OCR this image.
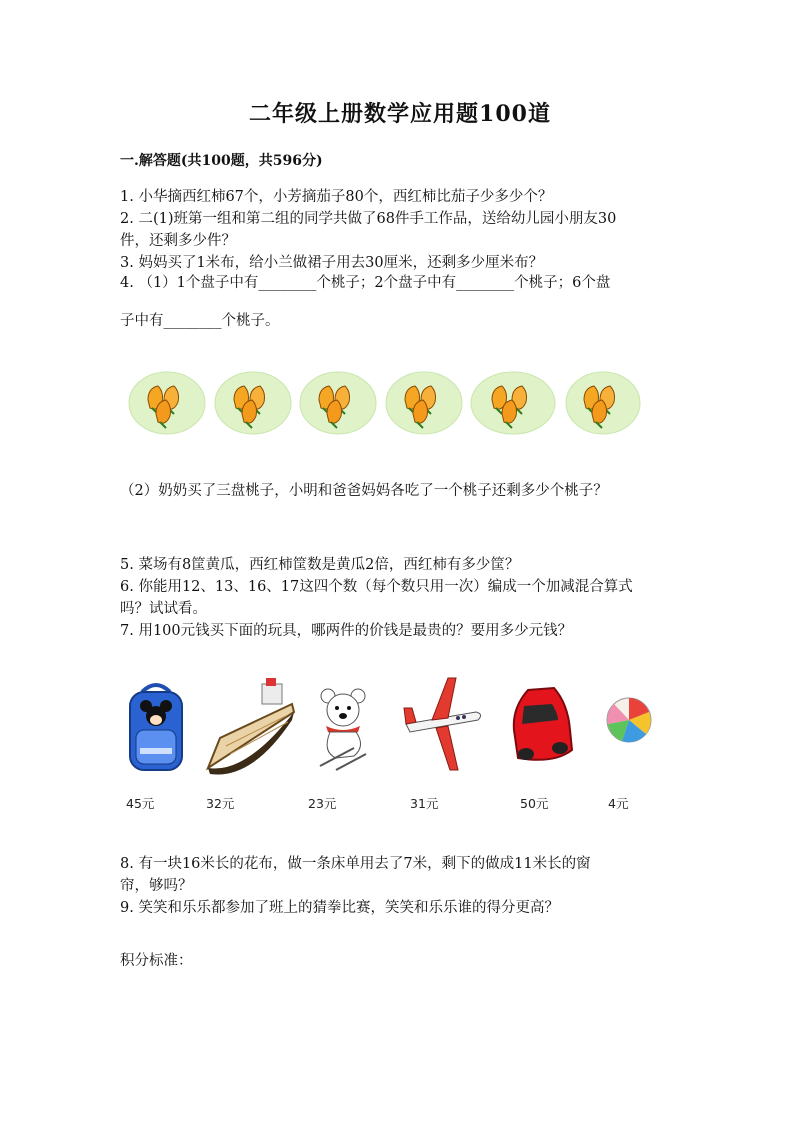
二年级上册数学应用题100道
一.解答题(共100题，共596分)
1. 小华摘西红柿67个，小芳摘茄子80个，西红柿比茄子少多少个？
2. 二(1)班第一组和第二组的同学共做了68件手工作品，送给幼儿园小朋友30
件，还剩多少件？
3. 妈妈买了1米布，给小兰做裙子用去30厘米，还剩多少厘米布？
4. （1）1个盘子中有________个桃子；2个盘子中有________个桃子；6个盘
子中有________个桃子。
（2）奶奶买了三盘桃子，小明和爸爸妈妈各吃了一个桃子还剩多少个桃子？
5. 菜场有8筐黄瓜，西红柿筐数是黄瓜2倍，西红柿有多少筐？
6. 你能用12、13、16、17这四个数（每个数只用一次）编成一个加减混合算式
吗？试试看。
7. 用100元钱买下面的玩具，哪两件的价钱是最贵的？要用多少元钱？
45元	32元	23元	31元	50元	4元
8. 有一块16米长的花布，做一条床单用去了7米，剩下的做成11米长的窗
帘，够吗？
9. 笑笑和乐乐都参加了班上的猜拳比赛，笑笑和乐乐谁的得分更高？
积分标准：
